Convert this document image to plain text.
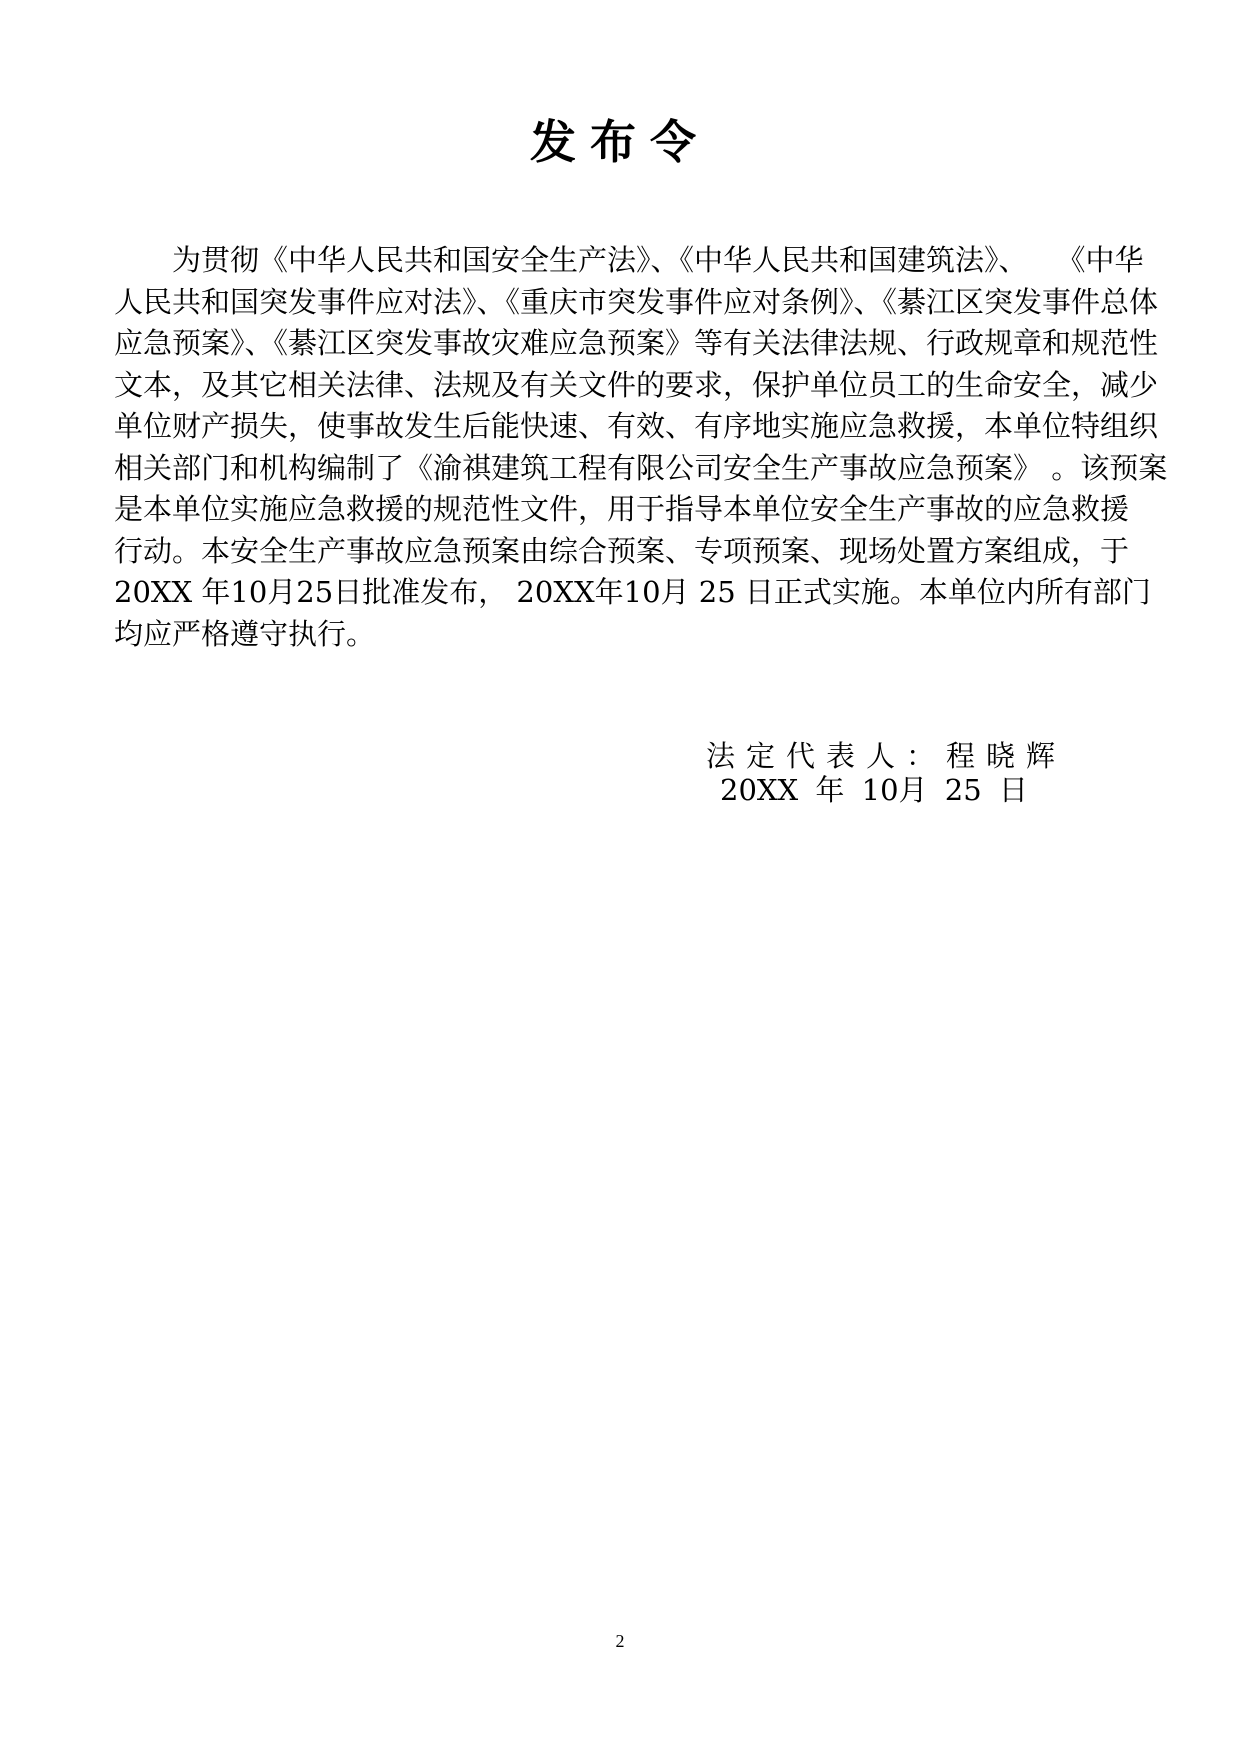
发布令
　　为贯彻《中华人民共和国安全生产法》、《中华人民共和国建筑法》、　　《中华
人民共和国突发事件应对法》、《重庆市突发事件应对条例》、《綦江区突发事件总体
应急预案》、《綦江区突发事故灾难应急预案》等有关法律法规、行政规章和规范性
文本，及其它相关法律、法规及有关文件的要求，保护单位员工的生命安全，减少
单位财产损失，使事故发生后能快速、有效、有序地实施应急救援，本单位特组织
相关部门和机构编制了《渝祺建筑工程有限公司安全生产事故应急预案》 。该预案
是本单位实施应急救援的规范性文件，用于指导本单位安全生产事故的应急救援
行动。本安全生产事故应急预案由综合预案、专项预案、现场处置方案组成，于
20XX 年10月25日批准发布， 20XX年10月 25 日正式实施。本单位内所有部门
均应严格遵守执行。
法定代表人：程晓辉
20XX 年 10月 25 日
2
